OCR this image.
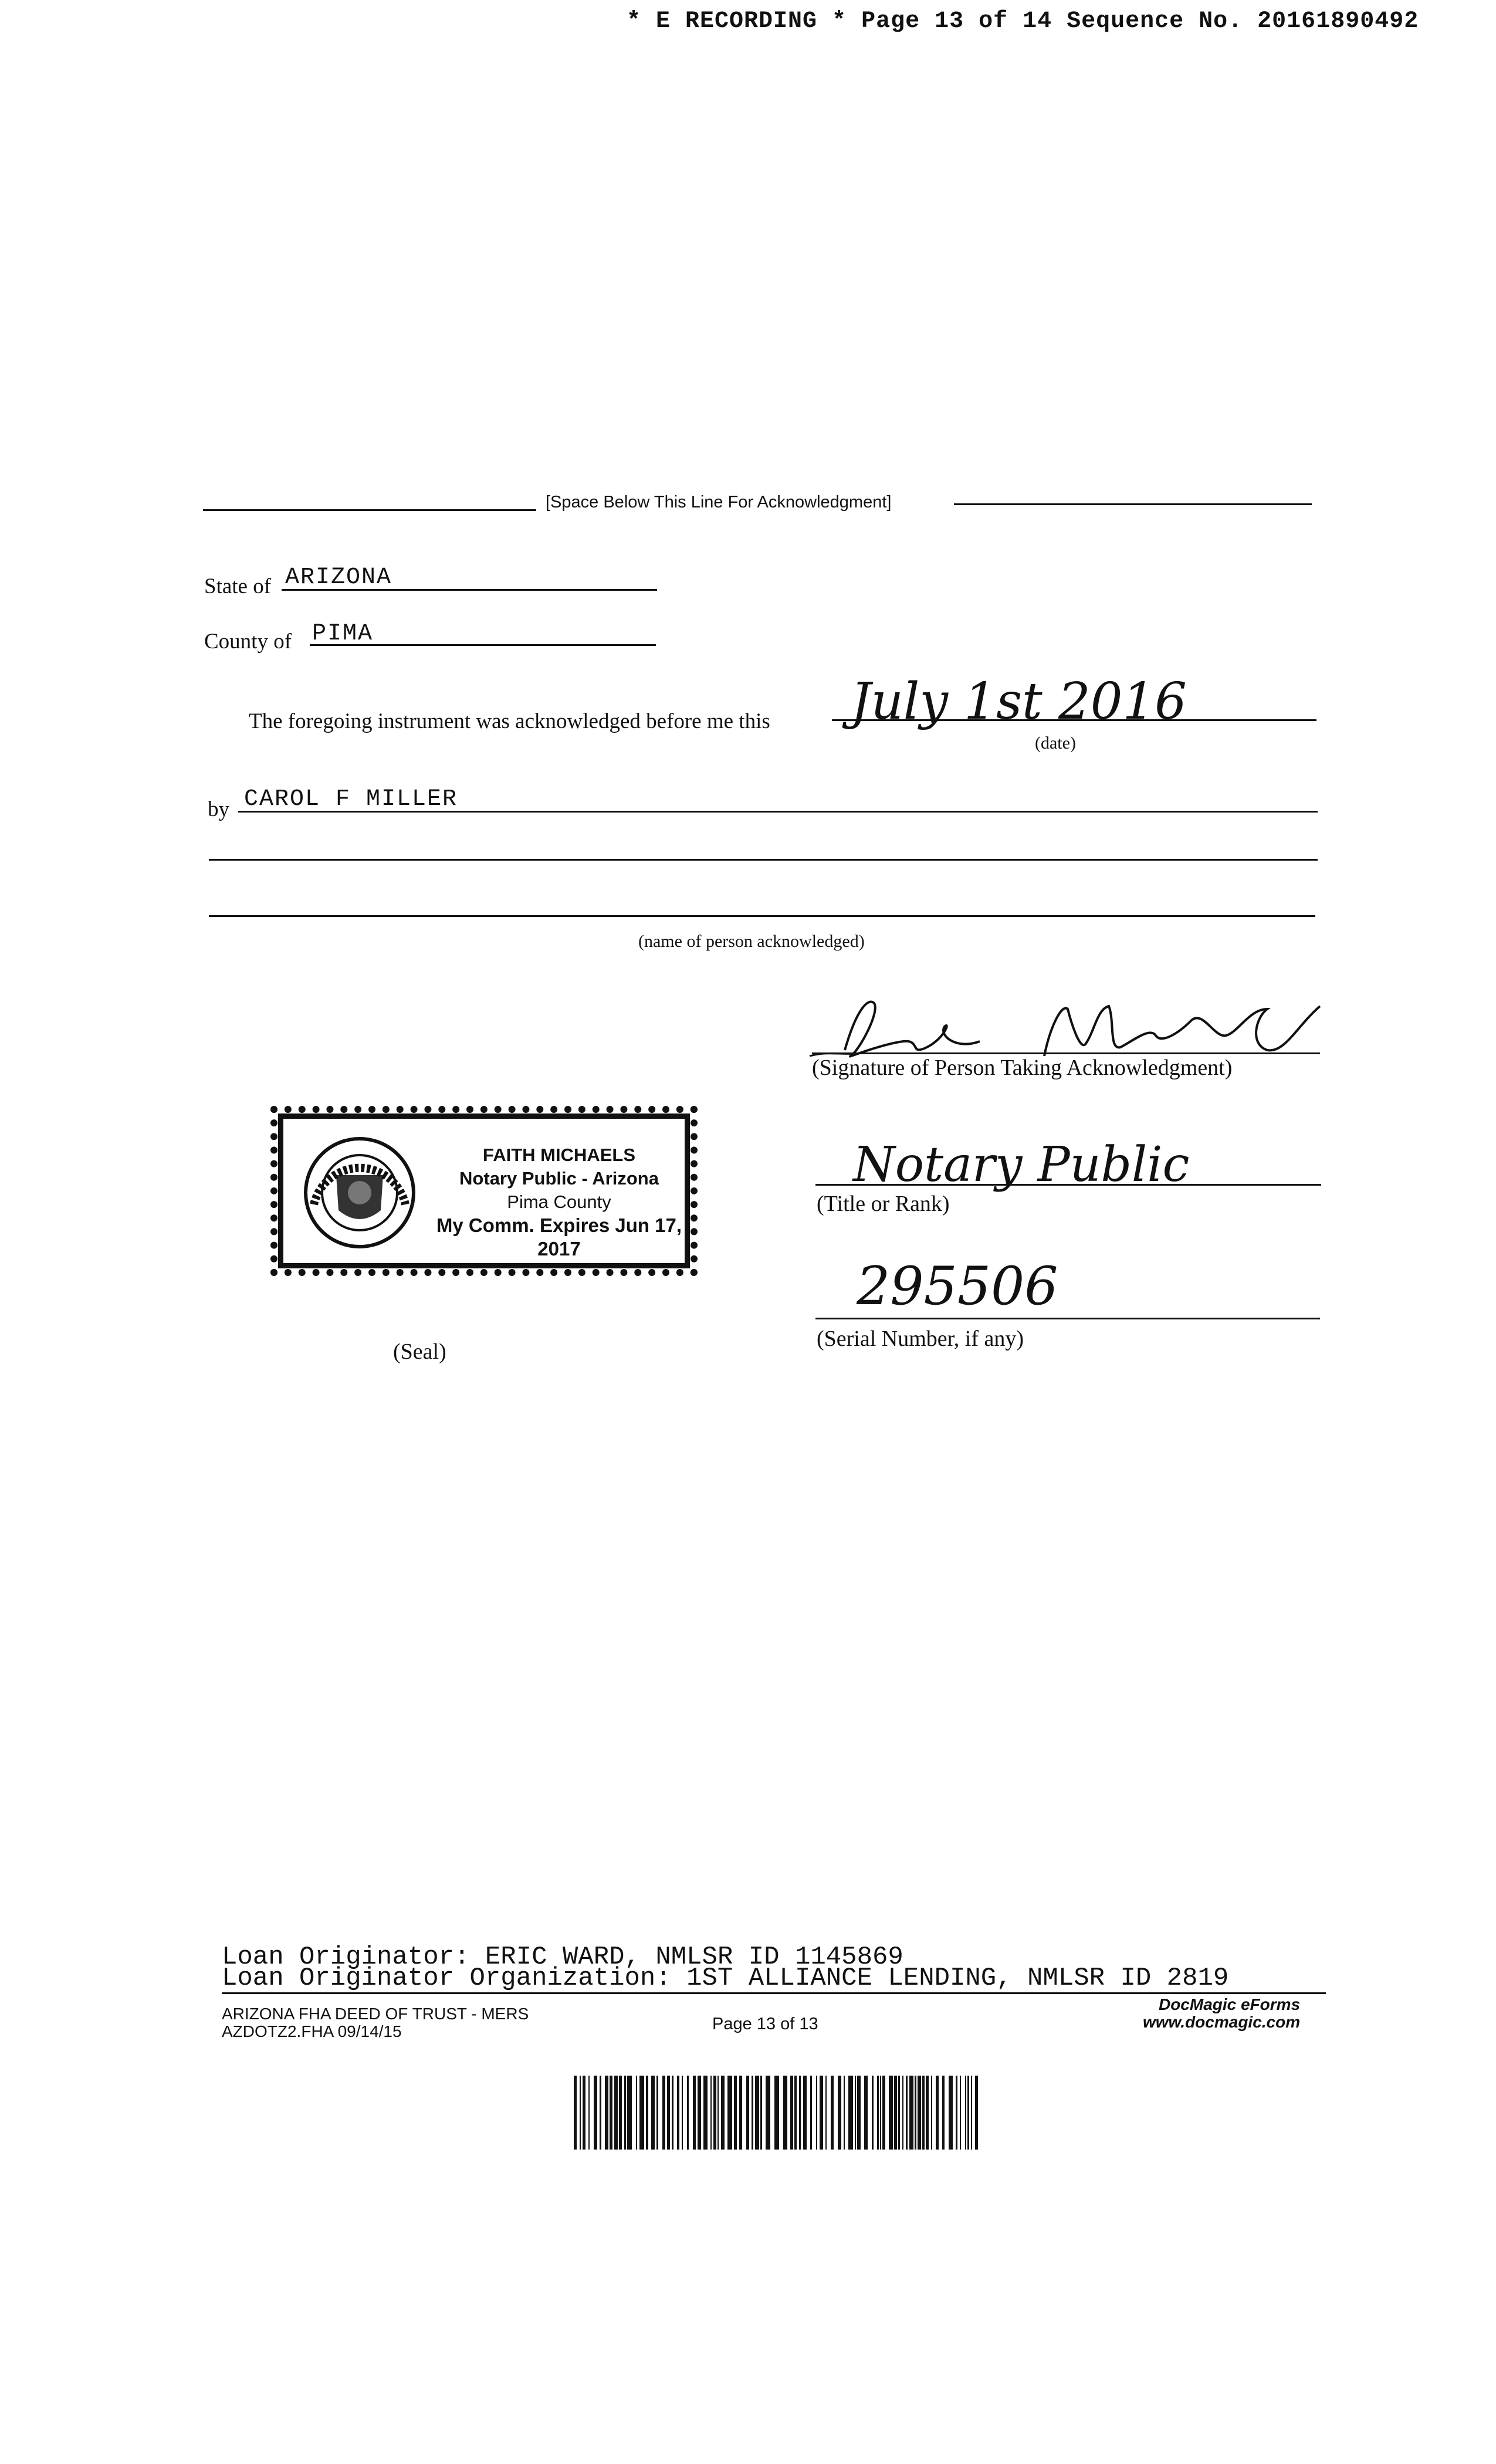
* E RECORDING * Page 13 of 14 Sequence No. 20161890492
[Space Below This Line For Acknowledgment]
State of ARIZONA
County of PIMA
The foregoing instrument was acknowledged before me this July 1st 2016
(date)
by CAROL F MILLER
(name of person acknowledged)
(Signature of Person Taking Acknowledgment)
FAITH MICHAELS
Notary Public - Arizona
Pima County
My Comm. Expires Jun 17, 2017
Notary Public
(Title or Rank)
295506
(Serial Number, if any)
(Seal)
Loan Originator: ERIC WARD, NMLSR ID 1145869
Loan Originator Organization: 1ST ALLIANCE LENDING, NMLSR ID 2819
ARIZONA FHA DEED OF TRUST - MERS
AZDOTZ2.FHA 09/14/15	Page 13 of 13
DocMagic eForms
www.docmagic.com
